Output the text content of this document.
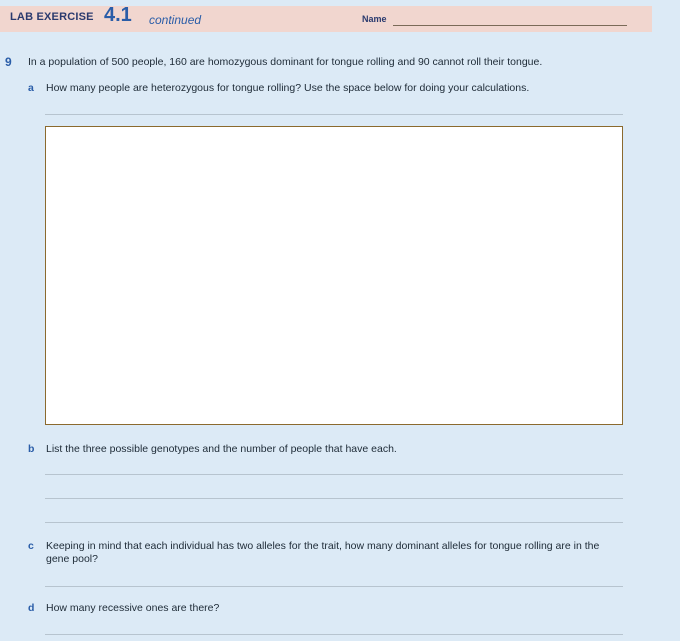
LAB EXERCISE 4.1 continued	Name
9 In a population of 500 people, 160 are homozygous dominant for tongue rolling and 90 cannot roll their tongue.
a How many people are heterozygous for tongue rolling? Use the space below for doing your calculations.
b List the three possible genotypes and the number of people that have each.
c Keeping in mind that each individual has two alleles for the trait, how many dominant alleles for tongue rolling are in the gene pool?
d How many recessive ones are there?
